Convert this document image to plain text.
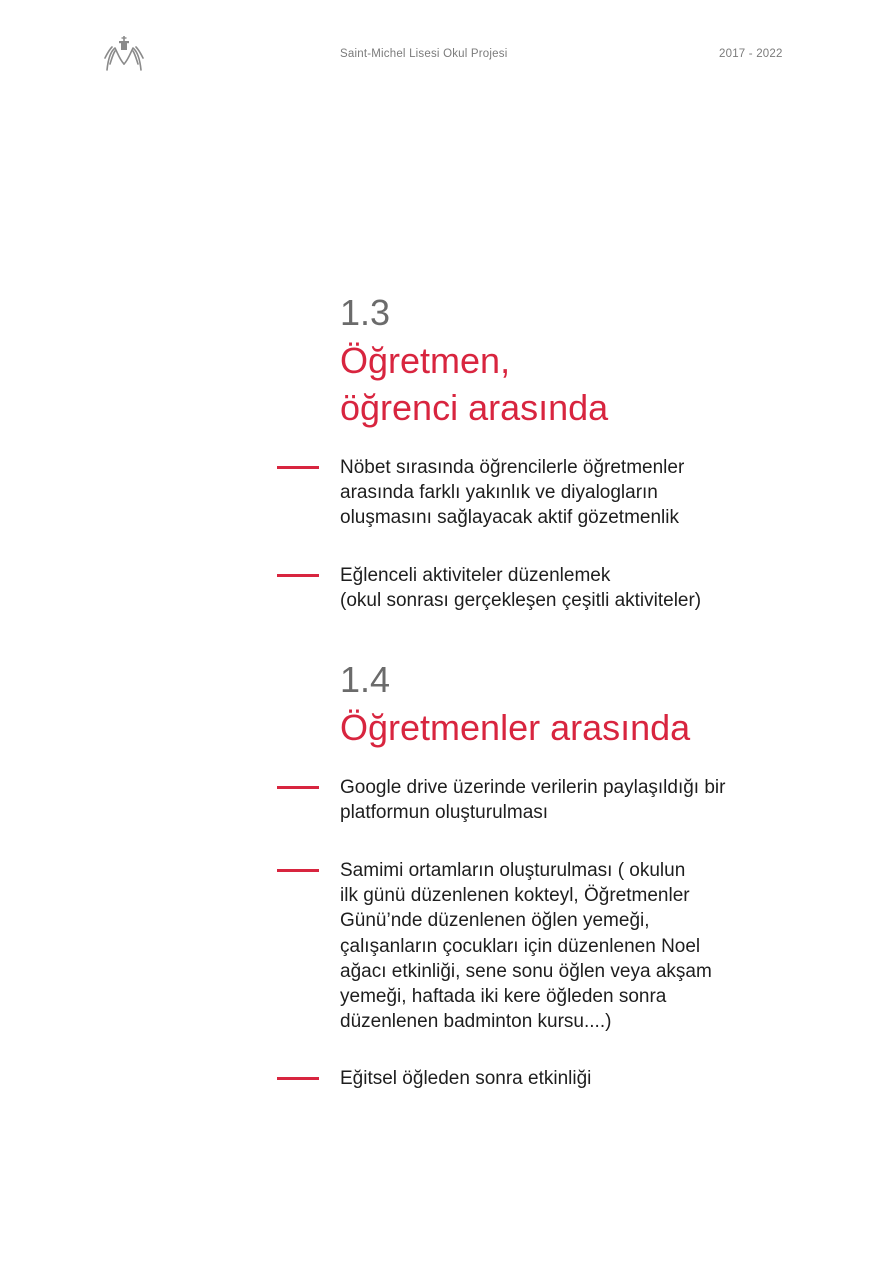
Saint-Michel Lisesi Okul Projesi	2017 - 2022
1.3
Öğretmen,
öğrenci arasında
Nöbet sırasında öğrencilerle öğretmenler
arasında farklı yakınlık ve diyalogların
oluşmasını sağlayacak aktif gözetmenlik
Eğlenceli aktiviteler düzenlemek
(okul sonrası gerçekleşen çeşitli aktiviteler)
1.4
Öğretmenler arasında
Google drive üzerinde verilerin paylaşıldığı bir
platformun oluşturulması
Samimi ortamların oluşturulması ( okulun
ilk günü düzenlenen kokteyl, Öğretmenler
Günü’nde düzenlenen öğlen yemeği,
çalışanların çocukları için düzenlenen Noel
ağacı etkinliği, sene sonu öğlen veya akşam
yemeği, haftada iki kere öğleden sonra
düzenlenen badminton kursu....)
Eğitsel öğleden sonra etkinliği
